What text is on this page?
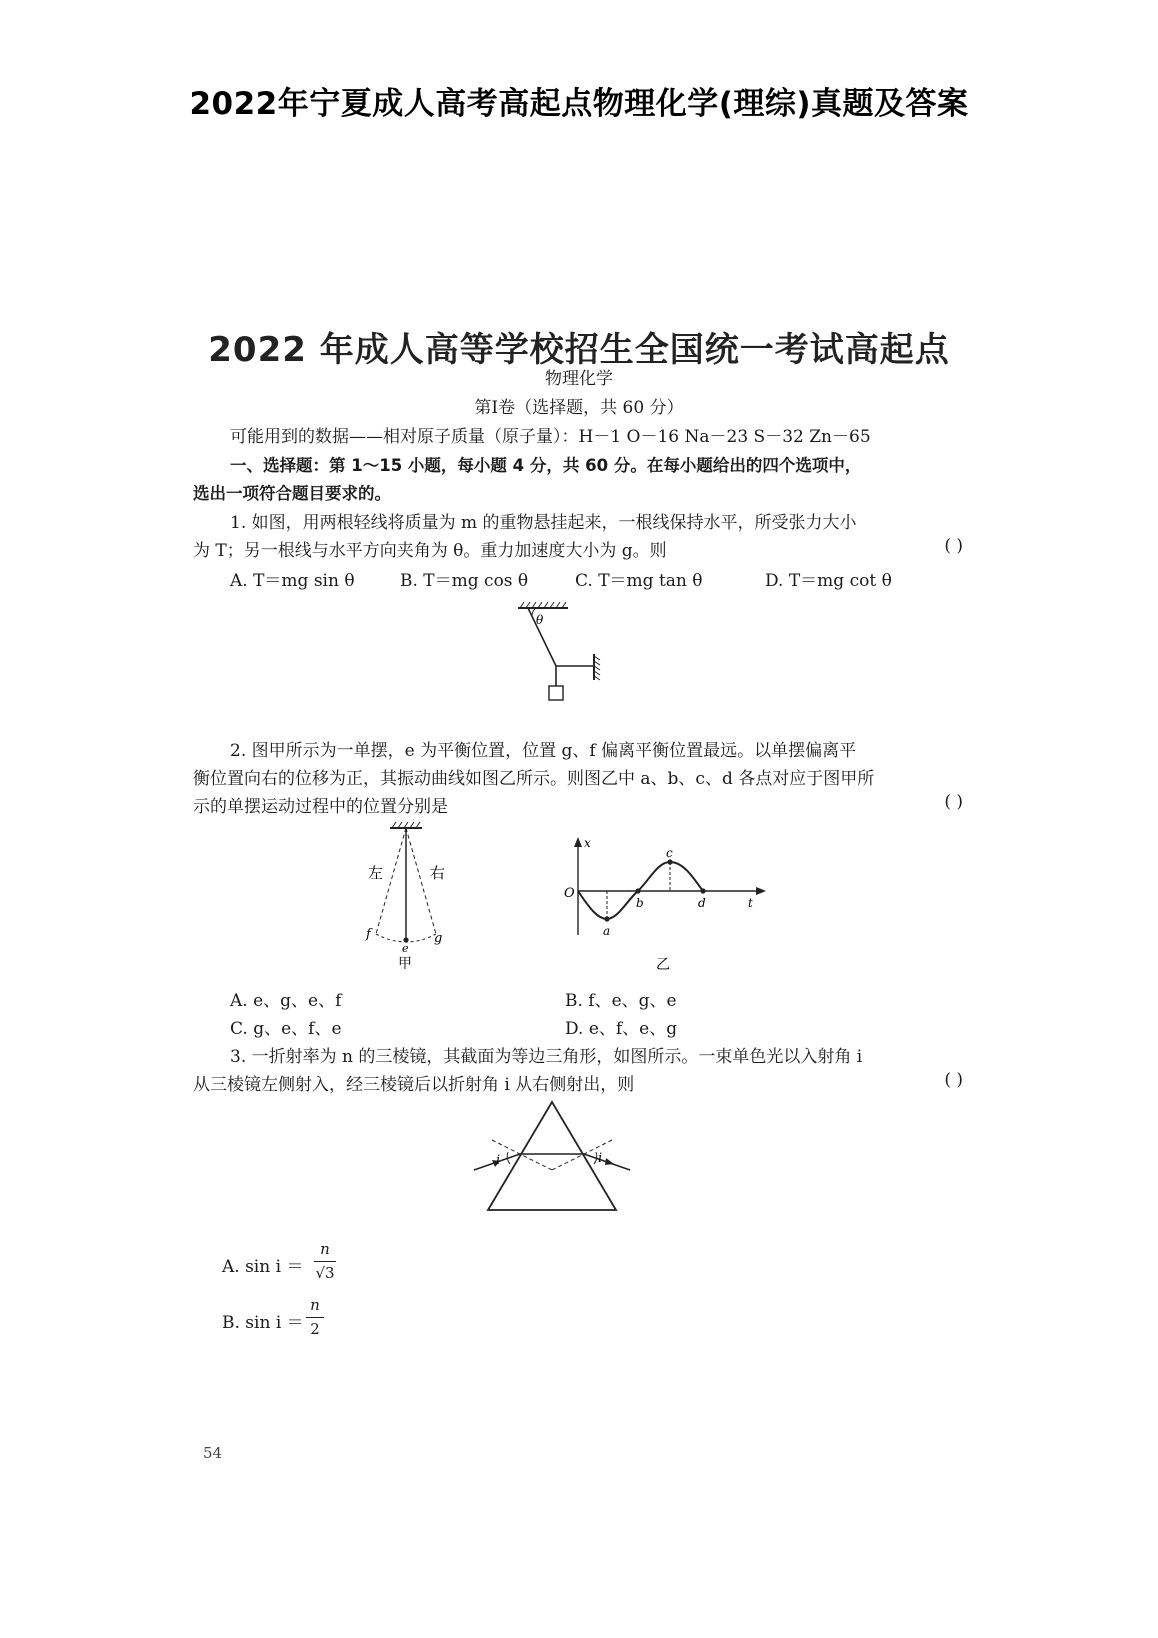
2022年宁夏成人高考高起点物理化学(理综)真题及答案
2022 年成人高等学校招生全国统一考试高起点
物理化学
第Ⅰ卷（选择题，共 60 分）
可能用到的数据——相对原子质量（原子量）：H－1 O－16 Na－23 S－32 Zn－65
一、选择题：第 1～15 小题，每小题 4 分，共 60 分。在每小题给出的四个选项中，
选出一项符合题目要求的。
1. 如图，用两根轻线将质量为 m 的重物悬挂起来，一根线保持水平，所受张力大小
为 T；另一根线与水平方向夹角为 θ。重力加速度大小为 g。则	( )
A. T＝mg sin θ	B. T＝mg cos θ	C. T＝mg tan θ	D. T＝mg cot θ
θ
2. 图甲所示为一单摆，e 为平衡位置，位置 g、f 偏离平衡位置最远。以单摆偏离平
衡位置向右的位移为正，其振动曲线如图乙所示。则图乙中 a、b、c、d 各点对应于图甲所
示的单摆运动过程中的位置分别是	( )
左	右
f	g
e
甲
x
t
O
a
b
c
d
乙
A. e、g、e、f	B. f、e、g、e
C. g、e、f、e	D. e、f、e、g
3. 一折射率为 n 的三棱镜，其截面为等边三角形，如图所示。一束单色光以入射角 i
从三棱镜左侧射入，经三棱镜后以折射角 i 从右侧射出，则	( )
i	i
A. sin i ＝
n
√3
B. sin i ＝
n
2
54
